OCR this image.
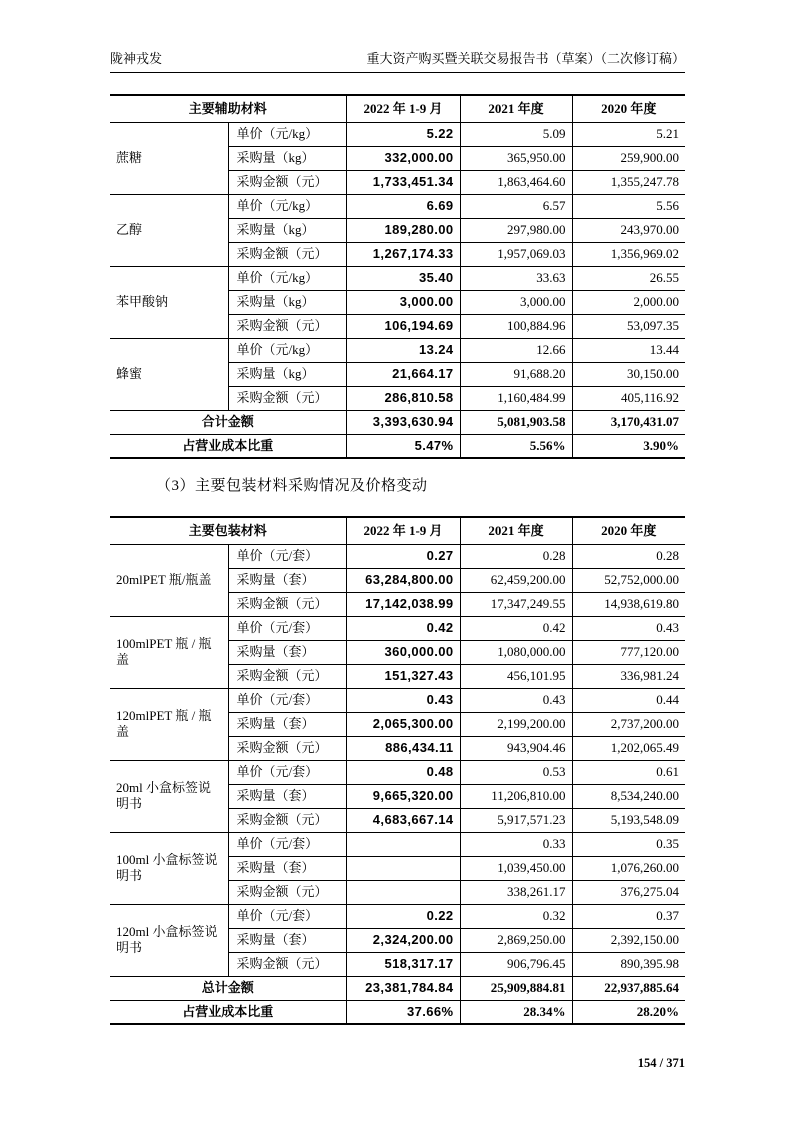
陇神戎发	重大资产购买暨关联交易报告书（草案）（二次修订稿）
主要辅助材料		2022 年 1-9 月	2021 年度	2020 年度
蔗糖	单价（元/kg）	5.22	5.09	5.21
	采购量（kg）	332,000.00	365,950.00	259,900.00
	采购金额（元）	1,733,451.34	1,863,464.60	1,355,247.78
乙醇	单价（元/kg）	6.69	6.57	5.56
	采购量（kg）	189,280.00	297,980.00	243,970.00
	采购金额（元）	1,267,174.33	1,957,069.03	1,356,969.02
苯甲酸钠	单价（元/kg）	35.40	33.63	26.55
	采购量（kg）	3,000.00	3,000.00	2,000.00
	采购金额（元）	106,194.69	100,884.96	53,097.35
蜂蜜	单价（元/kg）	13.24	12.66	13.44
	采购量（kg）	21,664.17	91,688.20	30,150.00
	采购金额（元）	286,810.58	1,160,484.99	405,116.92
合计金额		3,393,630.94	5,081,903.58	3,170,431.07
占营业成本比重		5.47%	5.56%	3.90%
（3）主要包装材料采购情况及价格变动
主要包装材料		2022 年 1-9 月	2021 年度	2020 年度
20mlPET 瓶/瓶盖	单价（元/套）	0.27	0.28	0.28
	采购量（套）	63,284,800.00	62,459,200.00	52,752,000.00
	采购金额（元）	17,142,038.99	17,347,249.55	14,938,619.80
100mlPET 瓶 / 瓶盖	单价（元/套）	0.42	0.42	0.43
	采购量（套）	360,000.00	1,080,000.00	777,120.00
	采购金额（元）	151,327.43	456,101.95	336,981.24
120mlPET 瓶 / 瓶盖	单价（元/套）	0.43	0.43	0.44
	采购量（套）	2,065,300.00	2,199,200.00	2,737,200.00
	采购金额（元）	886,434.11	943,904.46	1,202,065.49
20ml 小盒标签说明书	单价（元/套）	0.48	0.53	0.61
	采购量（套）	9,665,320.00	11,206,810.00	8,534,240.00
	采购金额（元）	4,683,667.14	5,917,571.23	5,193,548.09
100ml 小盒标签说明书	单价（元/套）		0.33	0.35
	采购量（套）		1,039,450.00	1,076,260.00
	采购金额（元）		338,261.17	376,275.04
120ml 小盒标签说明书	单价（元/套）	0.22	0.32	0.37
	采购量（套）	2,324,200.00	2,869,250.00	2,392,150.00
	采购金额（元）	518,317.17	906,796.45	890,395.98
总计金额		23,381,784.84	25,909,884.81	22,937,885.64
占营业成本比重		37.66%	28.34%	28.20%
154 / 371
